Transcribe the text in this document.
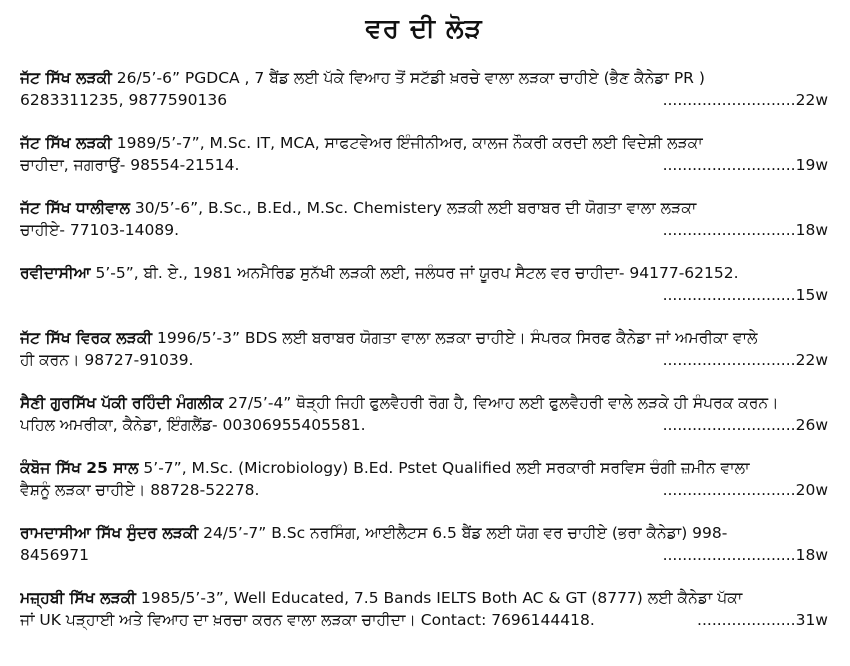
ਵਰ ਦੀ ਲੋੜ
ਜੱਟ ਸਿੱਖ ਲੜਕੀ 26/5’-6” PGDCA , 7 ਬੈਂਡ ਲਈ ਪੱਕੇ ਵਿਆਹ ਤੋਂ ਸਟੱਡੀ ਖ਼ਰਚੇ ਵਾਲਾ ਲੜਕਾ ਚਾਹੀਏ (ਭੈਣ ਕੈਨੇਡਾ PR )
6283311235, 9877590136	...........................22w
ਜੱਟ ਸਿੱਖ ਲੜਕੀ 1989/5’-7”, M.Sc. IT, MCA, ਸਾਫਟਵੇਅਰ ਇੰਜੀਨੀਅਰ, ਕਾਲਜ ਨੌਕਰੀ ਕਰਦੀ ਲਈ ਵਿਦੇਸ਼ੀ ਲੜਕਾ
ਚਾਹੀਦਾ, ਜਗਰਾਉਂ- 98554-21514.	...........................19w
ਜੱਟ ਸਿੱਖ ਧਾਲੀਵਾਲ 30/5’-6”, B.Sc., B.Ed., M.Sc. Chemistery ਲੜਕੀ ਲਈ ਬਰਾਬਰ ਦੀ ਯੋਗਤਾ ਵਾਲਾ ਲੜਕਾ
ਚਾਹੀਏ- 77103-14089.	...........................18w
ਰਵੀਦਾਸੀਆ 5’-5”, ਬੀ. ਏ., 1981 ਅਨਮੈਰਿਡ ਸੁਨੱਖੀ ਲੜਕੀ ਲਈ, ਜਲੰਧਰ ਜਾਂ ਯੂਰਪ ਸੈਟਲ ਵਰ ਚਾਹੀਦਾ- 94177-62152.
...........................15w
ਜੱਟ ਸਿੱਖ ਵਿਰਕ ਲੜਕੀ 1996/5’-3” BDS ਲਈ ਬਰਾਬਰ ਯੋਗਤਾ ਵਾਲਾ ਲੜਕਾ ਚਾਹੀਏ। ਸੰਪਰਕ ਸਿਰਫ ਕੈਨੇਡਾ ਜਾਂ ਅਮਰੀਕਾ ਵਾਲੇ
ਹੀ ਕਰਨ। 98727-91039.	...........................22w
ਸੈਣੀ ਗੁਰਸਿੱਖ ਪੱਕੀ ਰਹਿੰਦੀ ਮੰਗਲੀਕ 27/5’-4” ਥੋੜ੍ਹੀ ਜਿਹੀ ਫੁਲਵੈਹਰੀ ਰੋਗ ਹੈ, ਵਿਆਹ ਲਈ ਫੁਲਵੈਹਰੀ ਵਾਲੇ ਲੜਕੇ ਹੀ ਸੰਪਰਕ ਕਰਨ।
ਪਹਿਲ ਅਮਰੀਕਾ, ਕੈਨੇਡਾ, ਇੰਗਲੈਂਡ- 00306955405581.	...........................26w
ਕੰਬੋਜ ਸਿੱਖ 25 ਸਾਲ 5’-7”, M.Sc. (Microbiology) B.Ed. Pstet Qualified ਲਈ ਸਰਕਾਰੀ ਸਰਵਿਸ ਚੰਗੀ ਜ਼ਮੀਨ ਵਾਲਾ
ਵੈਸ਼ਨੂੰ ਲੜਕਾ ਚਾਹੀਏ। 88728-52278.	...........................20w
ਰਾਮਦਾਸੀਆ ਸਿੱਖ ਸੁੰਦਰ ਲੜਕੀ 24/5’-7” B.Sc ਨਰਸਿੰਗ, ਆਈਲੈਟਸ 6.5 ਬੈਂਡ ਲਈ ਯੋਗ ਵਰ ਚਾਹੀਏ (ਭਰਾ ਕੈਨੇਡਾ) 998-
8456971	...........................18w
ਮਜ਼੍ਹਬੀ ਸਿੱਖ ਲੜਕੀ 1985/5’-3”, Well Educated, 7.5 Bands IELTS Both AC & GT (8777) ਲਈ ਕੈਨੇਡਾ ਪੱਕਾ
ਜਾਂ UK ਪੜ੍ਹਾਈ ਅਤੇ ਵਿਆਹ ਦਾ ਖ਼ਰਚਾ ਕਰਨ ਵਾਲਾ ਲੜਕਾ ਚਾਹੀਦਾ। Contact: 7696144418.	....................31w
